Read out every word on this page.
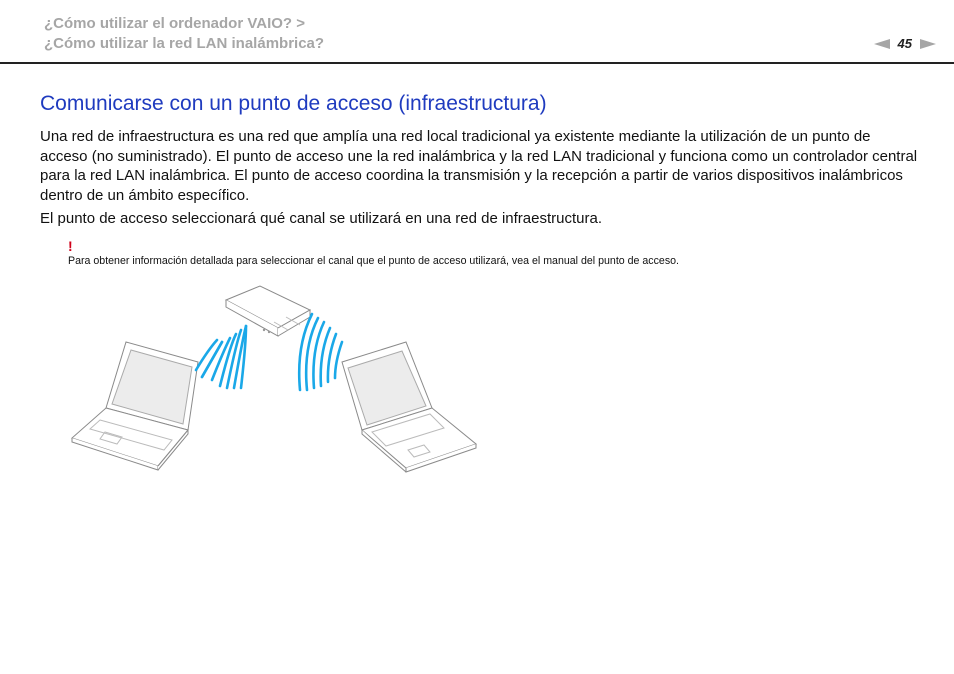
¿Cómo utilizar el ordenador VAIO? >
¿Cómo utilizar la red LAN inalámbrica?	45
Comunicarse con un punto de acceso (infraestructura)

Una red de infraestructura es una red que amplía una red local tradicional ya existente mediante la utilización de un punto de acceso (no suministrado). El punto de acceso une la red inalámbrica y la red LAN tradicional y funciona como un controlador central para la red LAN inalámbrica. El punto de acceso coordina la transmisión y la recepción a partir de varios dispositivos inalámbricos dentro de un ámbito específico.

El punto de acceso seleccionará qué canal se utilizará en una red de infraestructura.

!

Para obtener información detallada para seleccionar el canal que el punto de acceso utilizará, vea el manual del punto de acceso.
